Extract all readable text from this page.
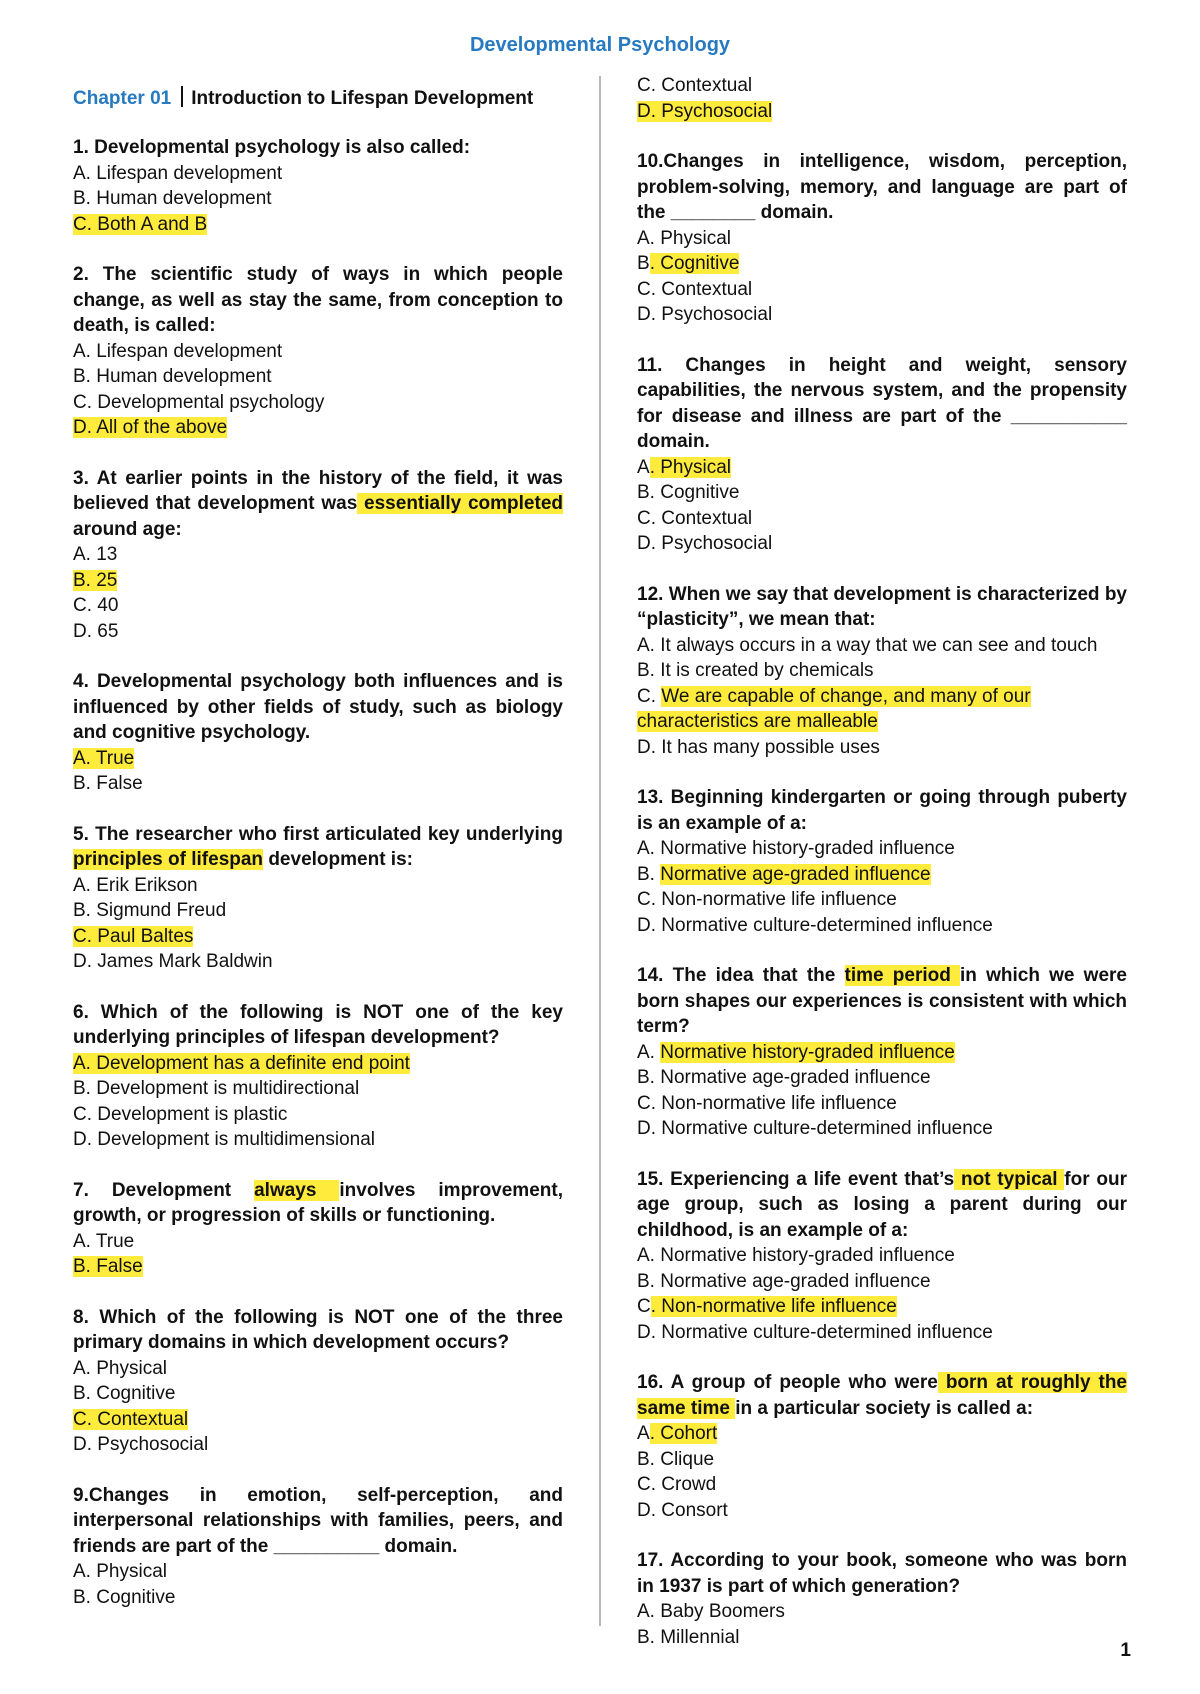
Developmental Psychology
Chapter 01 Introduction to Lifespan Development
1. Developmental psychology is also called:
A. Lifespan development
B. Human development
C. Both A and B
2. The scientific study of ways in which people change, as well as stay the same, from conception to death, is called:
A. Lifespan development
B. Human development
C. Developmental psychology
D. All of the above
3. At earlier points in the history of the field, it was believed that development was essentially completed around age:
A. 13
B. 25
C. 40
D. 65
4. Developmental psychology both influences and is influenced by other fields of study, such as biology and cognitive psychology.
A. True
B. False
5. The researcher who first articulated key underlying principles of lifespan development is:
A. Erik Erikson
B. Sigmund Freud
C. Paul Baltes
D. James Mark Baldwin
6. Which of the following is NOT one of the key underlying principles of lifespan development?
A. Development has a definite end point
B. Development is multidirectional
C. Development is plastic
D. Development is multidimensional
7. Development always involves improvement, growth, or progression of skills or functioning.
A. True
B. False
8. Which of the following is NOT one of the three primary domains in which development occurs?
A. Physical
B. Cognitive
C. Contextual
D. Psychosocial
9.Changes in emotion, self-perception, and interpersonal relationships with families, peers, and friends are part of the __________ domain.
A. Physical
B. Cognitive
C. Contextual
D. Psychosocial
10.Changes in intelligence, wisdom, perception, problem-solving, memory, and language are part of the ________ domain.
A. Physical
B. Cognitive
C. Contextual
D. Psychosocial
11. Changes in height and weight, sensory capabilities, the nervous system, and the propensity for disease and illness are part of the ___________ domain.
A. Physical
B. Cognitive
C. Contextual
D. Psychosocial
12. When we say that development is characterized by “plasticity”, we mean that:
A. It always occurs in a way that we can see and touch
B. It is created by chemicals
C. We are capable of change, and many of our characteristics are malleable
D. It has many possible uses
13. Beginning kindergarten or going through puberty is an example of a:
A. Normative history-graded influence
B. Normative age-graded influence
C. Non-normative life influence
D. Normative culture-determined influence
14. The idea that the time period in which we were born shapes our experiences is consistent with which term?
A. Normative history-graded influence
B. Normative age-graded influence
C. Non-normative life influence
D. Normative culture-determined influence
15. Experiencing a life event that’s not typical for our age group, such as losing a parent during our childhood, is an example of a:
A. Normative history-graded influence
B. Normative age-graded influence
C. Non-normative life influence
D. Normative culture-determined influence
16. A group of people who were born at roughly the same time in a particular society is called a:
A. Cohort
B. Clique
C. Crowd
D. Consort
17. According to your book, someone who was born in 1937 is part of which generation?
A. Baby Boomers
B. Millennial
1
